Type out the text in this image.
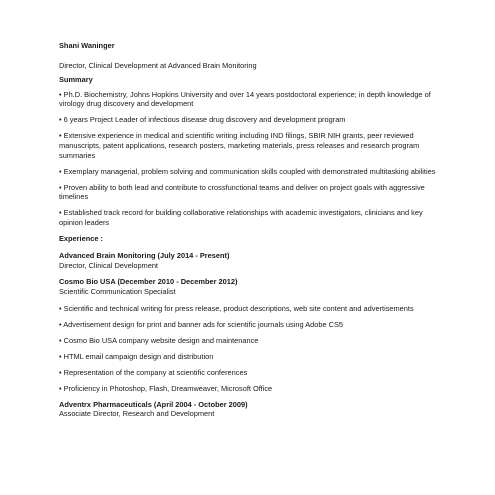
Shani Waninger

Director, Clinical Development at Advanced Brain Monitoring

Summary

• Ph.D. Biochemistry, Johns Hopkins University and over 14 years postdoctoral experience; in depth knowledge of virology drug discovery and development

• 6 years Project Leader of infectious disease drug discovery and development program

• Extensive experience in medical and scientific writing including IND filings, SBIR NIH grants, peer reviewed manuscripts, patent applications, research posters, marketing materials, press releases and research program summaries

• Exemplary managerial, problem solving and communication skills coupled with demonstrated multitasking abilities

• Proven ability to both lead and contribute to crossfunctional teams and deliver on project goals with aggressive timelines

• Established track record for building collaborative relationships with academic investigators, clinicians and key opinion leaders

Experience :

Advanced Brain Monitoring (July 2014 - Present)

Director, Clinical Development

Cosmo Bio USA (December 2010 - December 2012)

Scientific Communication Specialist

• Scientific and technical writing for press release, product descriptions, web site content and advertisements

• Advertisement design for print and banner ads for scientific journals using Adobe CS5

• Cosmo Bio USA company website design and maintenance

• HTML email campaign design and distribution

• Representation of the company at scientific conferences

• Proficiency in Photoshop, Flash, Dreamweaver, Microsoft Office

Adventrx Pharmaceuticals (April 2004 - October 2009)

Associate Director, Research and Development
